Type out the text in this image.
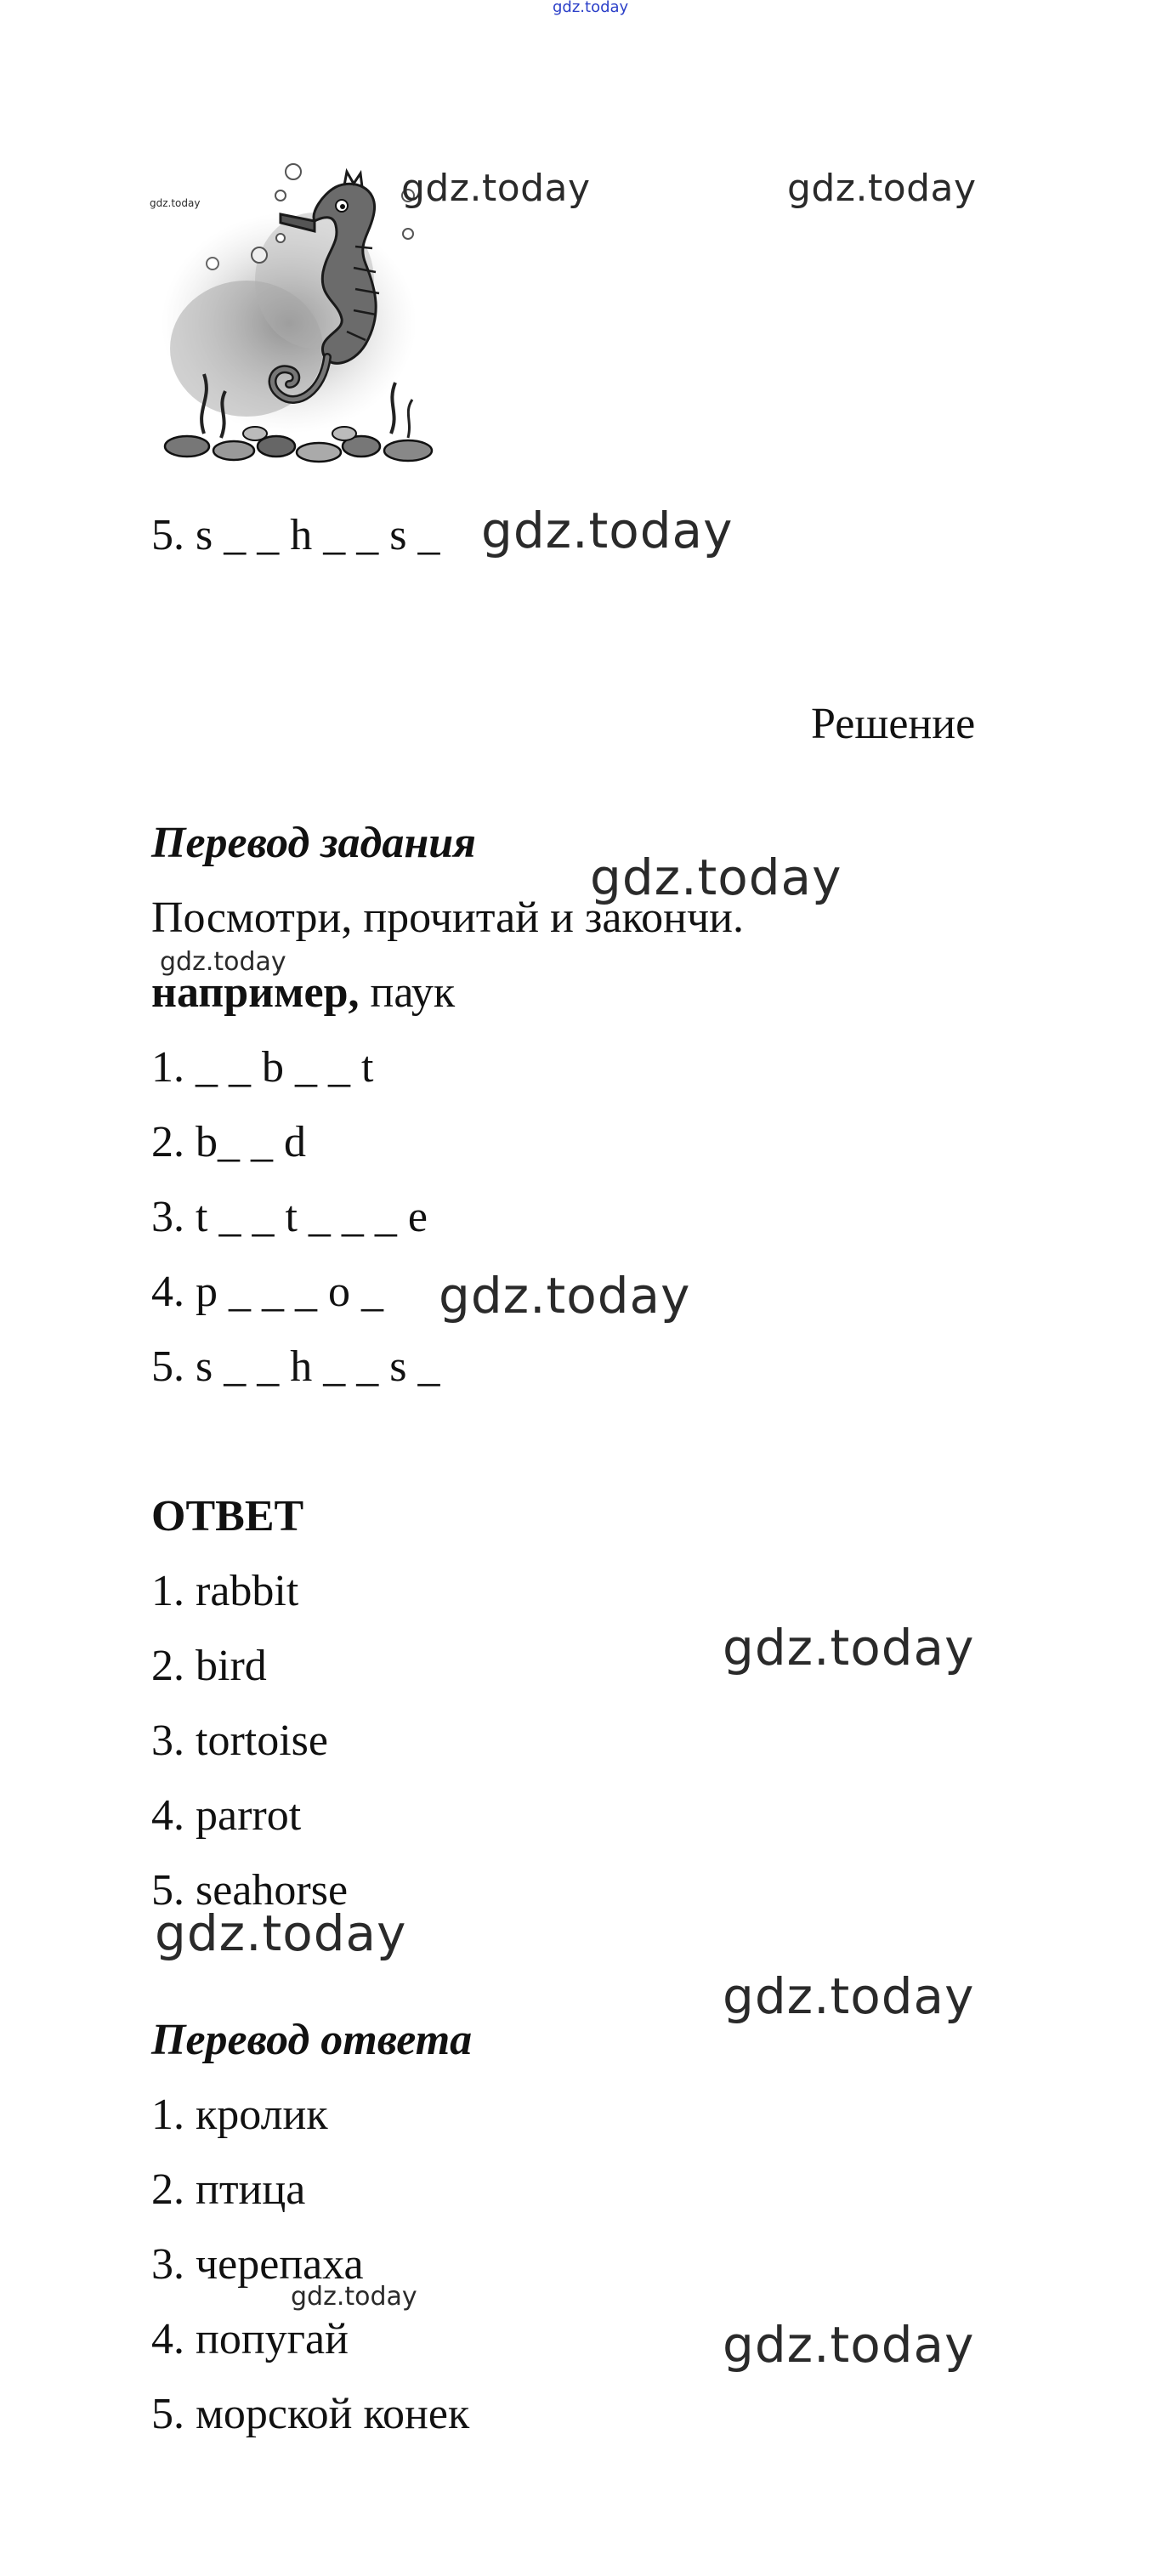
gdz.today
gdz.today	gdz.today	gdz.today
5. s _ _ h _ _ s _ gdz.today
Решение
Перевод задания
gdz.today
Посмотри, прочитай и закончи.
gdz.today
например, паук
1. _ _ b _ _ t
2. b_ _ d
3. t _ _ t _ _ _ e
4. p _ _ _ o _ gdz.today
5. s _ _ h _ _ s _
ОТВЕТ
1. rabbit
2. bird	gdz.today
3. tortoise
4. parrot
5. seahorse
gdz.today
gdz.today
Перевод ответа
1. кролик
2. птица
3. черепаха
gdz.today
4. попугай	gdz.today
5. морской конек
